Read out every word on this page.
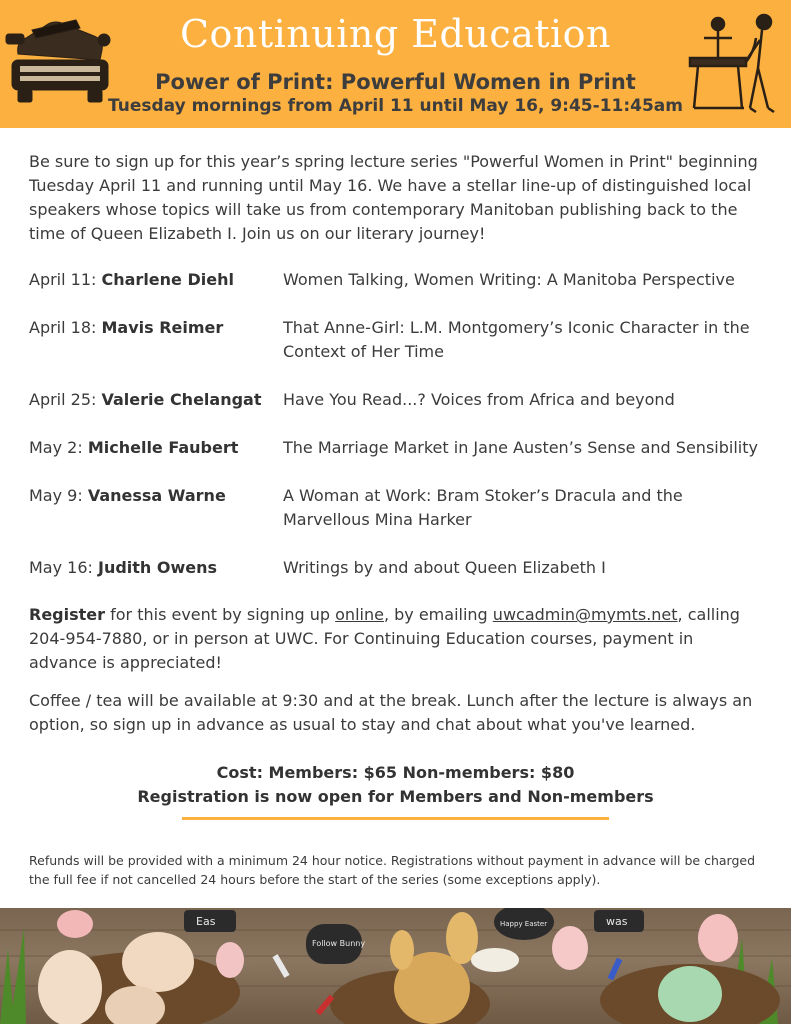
Continuing Education
Power of Print: Powerful Women in Print
Tuesday mornings from April 11 until May 16, 9:45-11:45am
Be sure to sign up for this year’s spring lecture series "Powerful Women in Print" beginning Tuesday April 11 and running until May 16. We have a stellar line-up of distinguished local speakers whose topics will take us from contemporary Manitoban publishing back to the time of Queen Elizabeth I. Join us on our literary journey!
April 11: Charlene Diehl	Women Talking, Women Writing: A Manitoba Perspective
April 18: Mavis Reimer	That Anne-Girl: L.M. Montgomery’s Iconic Character in the Context of Her Time
April 25: Valerie Chelangat	Have You Read...? Voices from Africa and beyond
May 2: Michelle Faubert	The Marriage Market in Jane Austen’s Sense and Sensibility
May 9: Vanessa Warne	A Woman at Work: Bram Stoker’s Dracula and the Marvellous Mina Harker
May 16: Judith Owens	Writings by and about Queen Elizabeth I
Register for this event by signing up online, by emailing uwcadmin@mymts.net, calling 204-954-7880, or in person at UWC. For Continuing Education courses, payment in advance is appreciated!
Coffee / tea will be available at 9:30 and at the break. Lunch after the lecture is always an option, so sign up in advance as usual to stay and chat about what you've learned.
Cost: Members: $65 Non-members: $80
Registration is now open for Members and Non-members
Refunds will be provided with a minimum 24 hour notice. Registrations without payment in advance will be charged the full fee if not cancelled 24 hours before the start of the series (some exceptions apply).
Eas
Follow Bunny
Happy Easter	was
